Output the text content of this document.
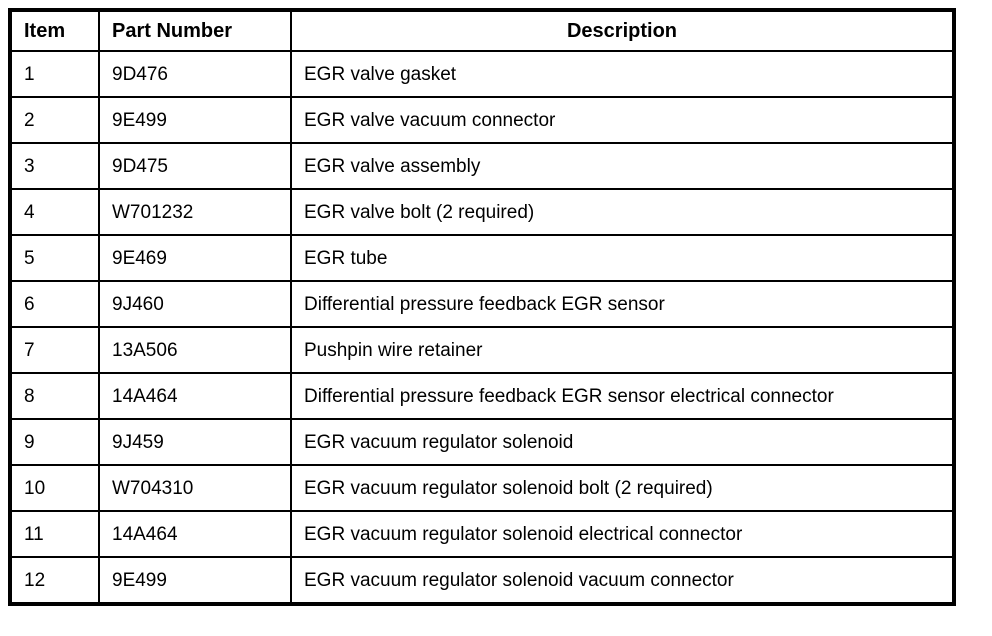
Item	Part Number	Description
1	9D476	EGR valve gasket
2	9E499	EGR valve vacuum connector
3	9D475	EGR valve assembly
4	W701232	EGR valve bolt (2 required)
5	9E469	EGR tube
6	9J460	Differential pressure feedback EGR sensor
7	13A506	Pushpin wire retainer
8	14A464	Differential pressure feedback EGR sensor electrical connector
9	9J459	EGR vacuum regulator solenoid
10	W704310	EGR vacuum regulator solenoid bolt (2 required)
11	14A464	EGR vacuum regulator solenoid electrical connector
12	9E499	EGR vacuum regulator solenoid vacuum connector
